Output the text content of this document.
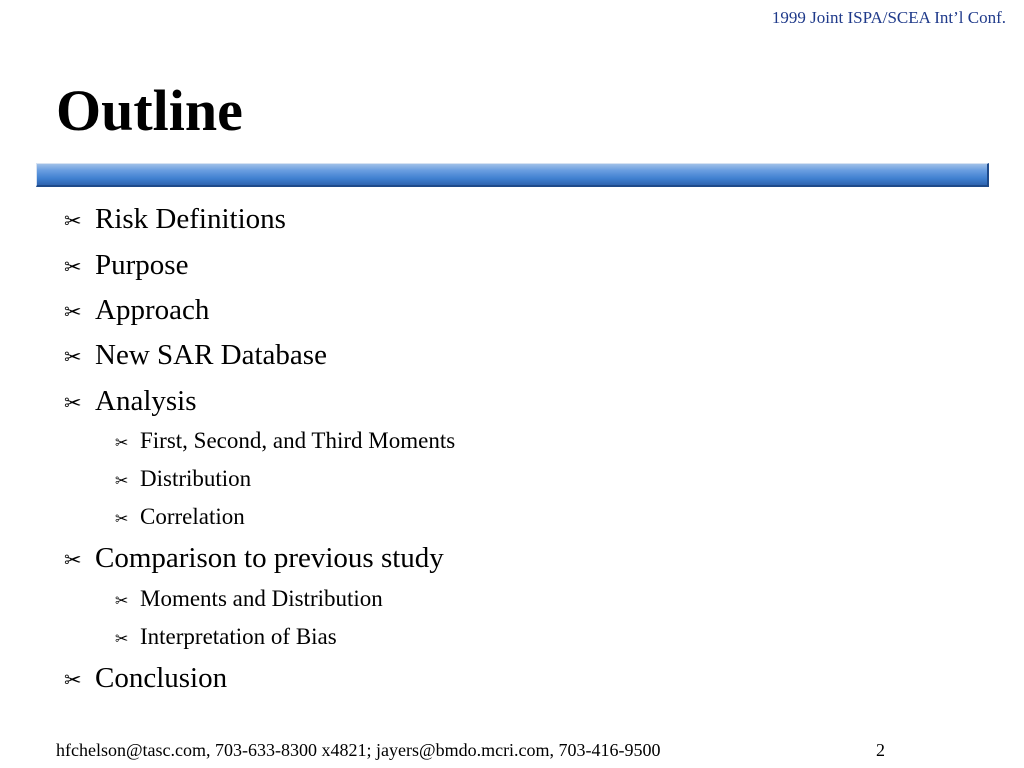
1999 Joint ISPA/SCEA Int’l Conf.
Outline
✂ Risk Definitions
✂ Purpose
✂ Approach
✂ New SAR Database
✂ Analysis
✂ First, Second, and Third Moments
✂ Distribution
✂ Correlation
✂ Comparison to previous study
✂ Moments and Distribution
✂ Interpretation of Bias
✂ Conclusion
hfchelson@tasc.com, 703-633-8300 x4821; jayers@bmdo.mcri.com, 703-416-9500	2
